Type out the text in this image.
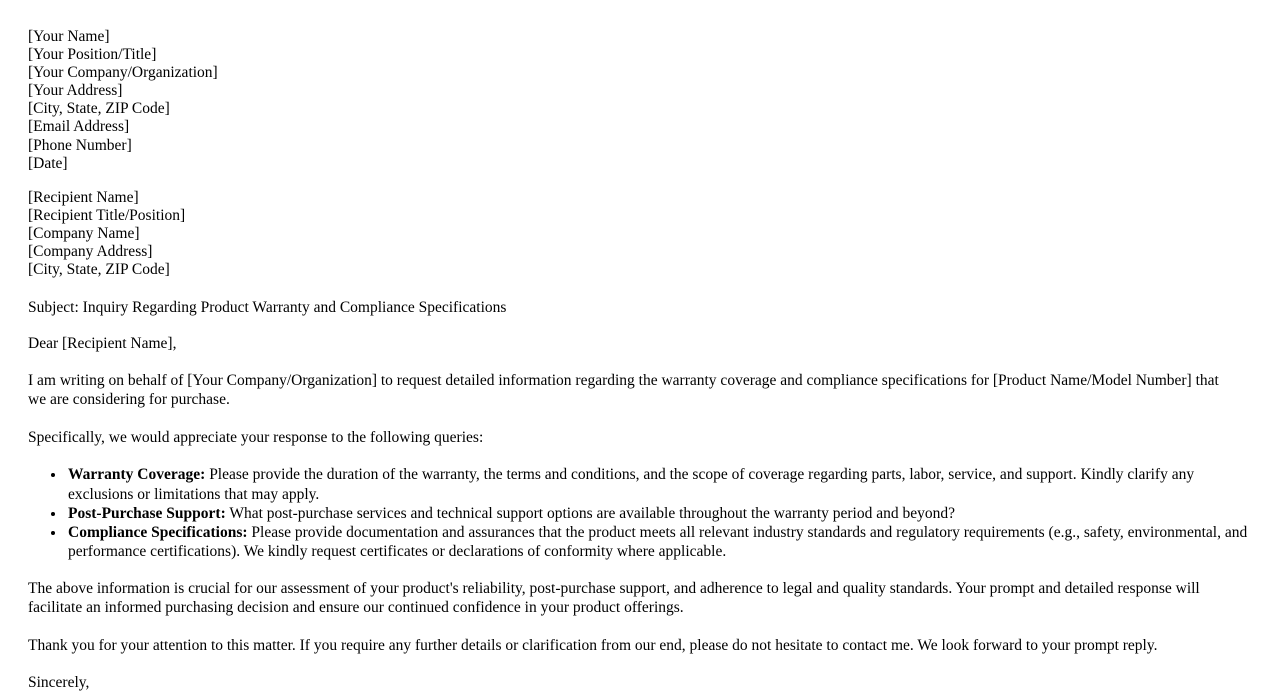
[Your Name]
[Your Position/Title]
[Your Company/Organization]
[Your Address]
[City, State, ZIP Code]
[Email Address]
[Phone Number]
[Date]
[Recipient Name]
[Recipient Title/Position]
[Company Name]
[Company Address]
[City, State, ZIP Code]
Subject: Inquiry Regarding Product Warranty and Compliance Specifications
Dear [Recipient Name],
I am writing on behalf of [Your Company/Organization] to request detailed information regarding the warranty coverage and compliance specifications for [Product Name/Model Number] that we are considering for purchase.
Specifically, we would appreciate your response to the following queries:
• Warranty Coverage: Please provide the duration of the warranty, the terms and conditions, and the scope of coverage regarding parts, labor, service, and support. Kindly clarify any exclusions or limitations that may apply.
• Post-Purchase Support: What post-purchase services and technical support options are available throughout the warranty period and beyond?
• Compliance Specifications: Please provide documentation and assurances that the product meets all relevant industry standards and regulatory requirements (e.g., safety, environmental, and performance certifications). We kindly request certificates or declarations of conformity where applicable.
The above information is crucial for our assessment of your product's reliability, post-purchase support, and adherence to legal and quality standards. Your prompt and detailed response will facilitate an informed purchasing decision and ensure our continued confidence in your product offerings.
Thank you for your attention to this matter. If you require any further details or clarification from our end, please do not hesitate to contact me. We look forward to your prompt reply.
Sincerely,
